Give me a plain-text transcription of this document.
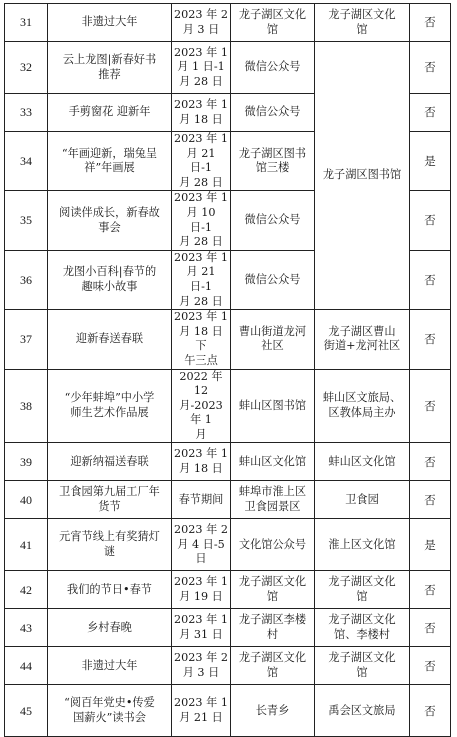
31	非遗过大年	2023 年 2
月 3 日	龙子湖区文化
馆	龙子湖区文化
馆	否
32	云上龙图|新春好书
推荐	2023 年 1
月 1 日-1
月 28 日	微信公众号	龙子湖区图书馆	否
33	手剪窗花 迎新年	2023 年 1
月 18 日	微信公众号		否
34	“年画迎新，瑞兔呈
祥”年画展	2023 年 1
月 21 日-1
月 28 日	龙子湖区图书
馆三楼		是
35	阅读伴成长，新春故
事会	2023 年 1
月 10 日-1
月 28 日	微信公众号		否
36	龙图小百科|春节的
趣味小故事	2023 年 1
月 21 日-1
月 28 日	微信公众号		否
37	迎新春送春联	2023 年 1
月 18 日下
午三点	曹山街道龙河
社区	龙子湖区曹山
街道+龙河社区	否
38	“少年蚌埠”中小学
师生艺术作品展	2022 年 12
月-2023 年 1
月	蚌山区图书馆	蚌山区文旅局、
区教体局主办	否
39	迎新纳福送春联	2023 年 1
月 18 日	蚌山区文化馆	蚌山区文化馆	否
40	卫食园第九届工厂年
货节	春节期间	蚌埠市淮上区
卫食园景区	卫食园	否
41	元宵节线上有奖猜灯
谜	2023 年 2
月 4 日-5
日	文化馆公众号	淮上区文化馆	是
42	我们的节日•春节	2023 年 1
月 19 日	龙子湖区文化
馆	龙子湖区文化
馆	否
43	乡村春晚	2023 年 1
月 31 日	龙子湖区李楼
村	龙子湖区文化
馆、李楼村	否
44	非遗过大年	2023 年 2
月 3 日	龙子湖区文化
馆	龙子湖区文化
馆	否
45	“阅百年党史•传爱
国薪火”读书会	2023 年 1
月 21 日	长青乡	禹会区文旅局	否
